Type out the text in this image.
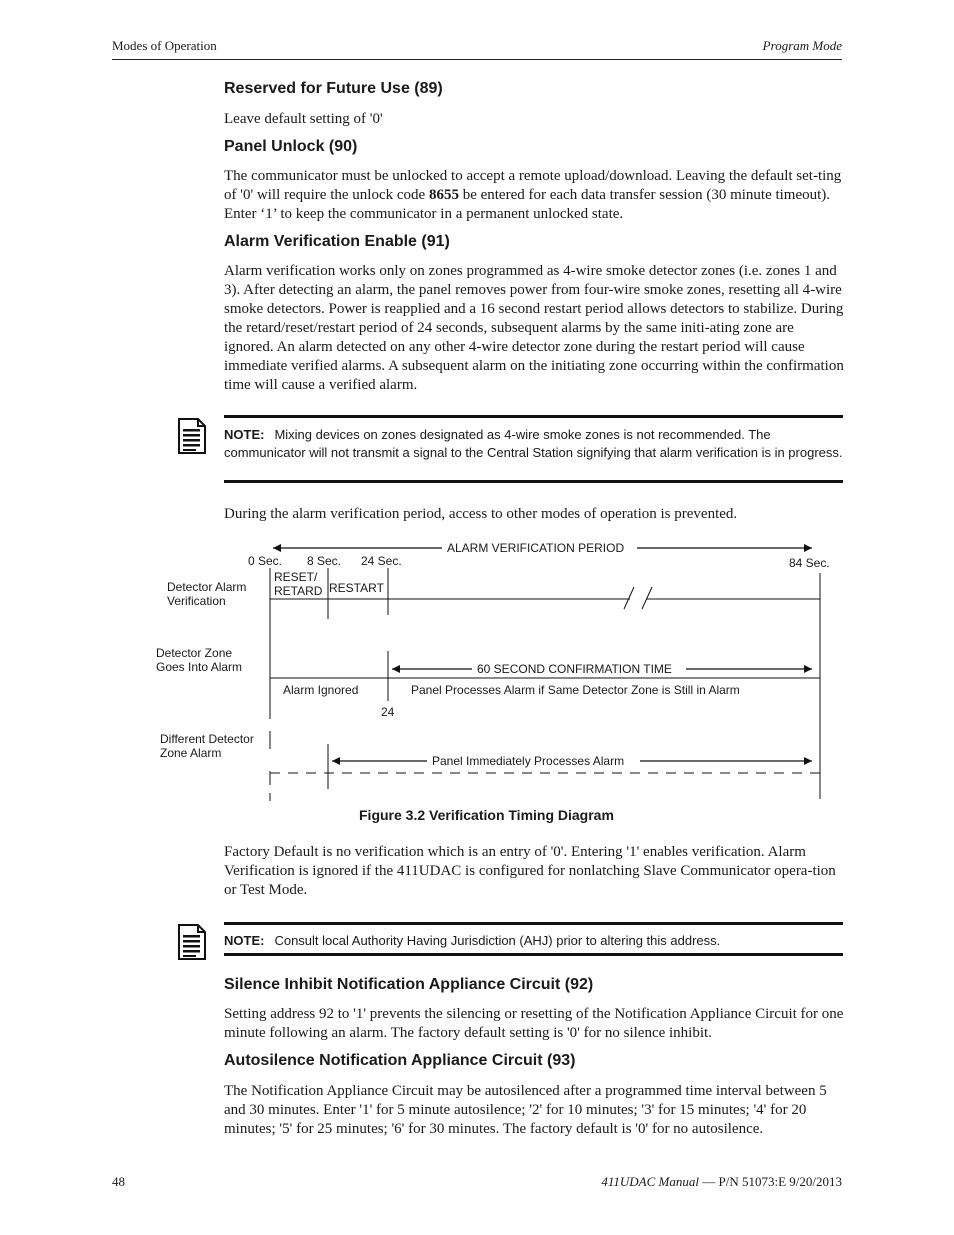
Modes of Operation	Program Mode
Reserved for Future Use (89)

Leave default setting of '0'

Panel Unlock (90)

The communicator must be unlocked to accept a remote upload/download. Leaving the default set-ting of '0' will require the unlock code 8655 be entered for each data transfer session (30 minute timeout). Enter ‘1’ to keep the communicator in a permanent unlocked state.

Alarm Verification Enable (91)

Alarm verification works only on zones programmed as 4-wire smoke detector zones (i.e. zones 1 and 3). After detecting an alarm, the panel removes power from four-wire smoke zones, resetting all 4-wire smoke detectors. Power is reapplied and a 16 second restart period allows detectors to stabilize. During the retard/reset/restart period of 24 seconds, subsequent alarms by the same initi-ating zone are ignored. An alarm detected on any other 4-wire detector zone during the restart period will cause immediate verified alarms. A subsequent alarm on the initiating zone occurring within the confirmation time will cause a verified alarm.

NOTE: Mixing devices on zones designated as 4-wire smoke zones is not recommended. The communicator will not transmit a signal to the Central Station signifying that alarm verification is in progress.

During the alarm verification period, access to other modes of operation is prevented.

ALARM VERIFICATION PERIOD
0 Sec. 8 Sec. 24 Sec.	84 Sec.
RESET/
RETARD RESTART
Detector Alarm
Verification
Detector Zone
Goes Into Alarm
Different Detector
Zone Alarm
60 SECOND CONFIRMATION TIME
Alarm Ignored	Panel Processes Alarm if Same Detector Zone is Still in Alarm
24
Panel Immediately Processes Alarm
Figure 3.2 Verification Timing Diagram

Factory Default is no verification which is an entry of '0'. Entering '1' enables verification. Alarm Verification is ignored if the 411UDAC is configured for nonlatching Slave Communicator opera-tion or Test Mode.

NOTE: Consult local Authority Having Jurisdiction (AHJ) prior to altering this address.
Silence Inhibit Notification Appliance Circuit (92)

Setting address 92 to '1' prevents the silencing or resetting of the Notification Appliance Circuit for one minute following an alarm. The factory default setting is '0' for no silence inhibit.

Autosilence Notification Appliance Circuit (93)

The Notification Appliance Circuit may be autosilenced after a programmed time interval between 5 and 30 minutes. Enter '1' for 5 minute autosilence; '2' for 10 minutes; '3' for 15 minutes; '4' for 20 minutes; '5' for 25 minutes; '6' for 30 minutes. The factory default is '0' for no autosilence.

48	411UDAC Manual — P/N 51073:E 9/20/2013
